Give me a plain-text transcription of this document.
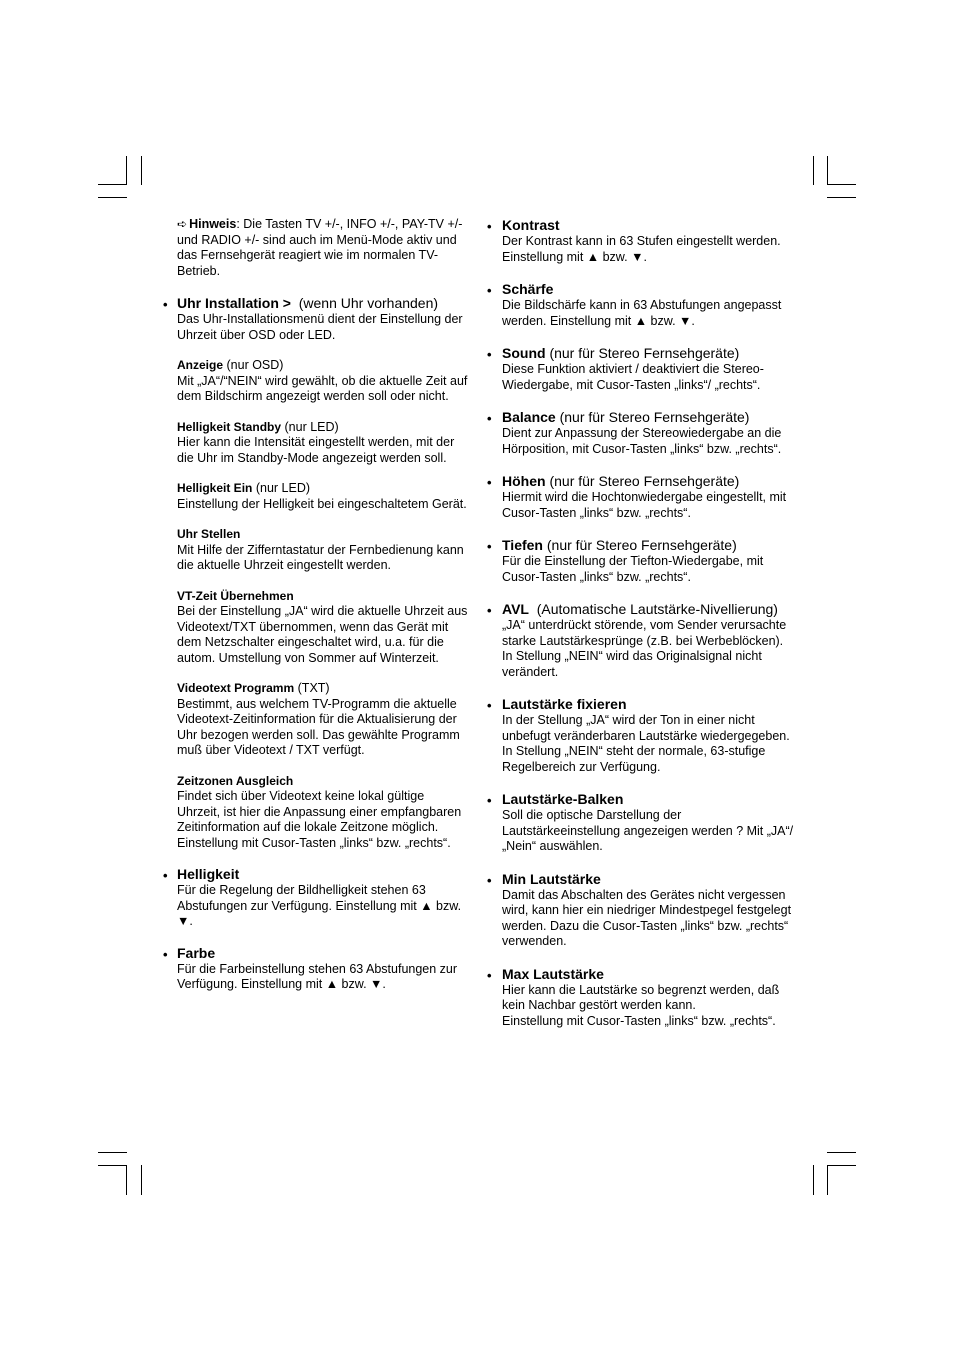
➪ Hinweis: Die Tasten TV +/-, INFO +/-, PAY-TV +/- und RADIO +/- sind auch im Menü-Mode aktiv und das Fernsehgerät reagiert wie im normalen TV-Betrieb.
• Uhr Installation > (wenn Uhr vorhanden)
Das Uhr-Installationsmenü dient der Einstellung der Uhrzeit über OSD oder LED.
Anzeige (nur OSD)
Mit „JA“/“NEIN“ wird gewählt, ob die aktuelle Zeit auf dem Bildschirm angezeigt werden soll oder nicht.
Helligkeit Standby (nur LED)
Hier kann die Intensität eingestellt werden, mit der die Uhr im Standby-Mode angezeigt werden soll.
Helligkeit Ein (nur LED)
Einstellung der Helligkeit bei eingeschaltetem Gerät.
Uhr Stellen
Mit Hilfe der Zifferntastatur der Fernbedienung kann die aktuelle Uhrzeit eingestellt werden.
VT-Zeit Übernehmen
Bei der Einstellung „JA“ wird die aktuelle Uhrzeit aus Videotext/TXT übernommen, wenn das Gerät mit dem Netzschalter eingeschaltet wird, u.a. für die autom. Umstellung von Sommer auf Winterzeit.
Videotext Programm (TXT)
Bestimmt, aus welchem TV-Programm die aktuelle Videotext-Zeitinformation für die Aktualisierung der Uhr bezogen werden soll. Das gewählte Programm muß über Videotext / TXT verfügt.
Zeitzonen Ausgleich
Findet sich über Videotext keine lokal gültige Uhrzeit, ist hier die Anpassung einer empfangbaren Zeitinformation auf die lokale Zeitzone möglich. Einstellung mit Cusor-Tasten „links“ bzw. „rechts“.
• Helligkeit
Für die Regelung der Bildhelligkeit stehen 63 Abstufungen zur Verfügung. Einstellung mit ▲ bzw. ▼.
• Farbe
Für die Farbeinstellung stehen 63 Abstufungen zur Verfügung. Einstellung mit ▲ bzw. ▼.
• Kontrast

Der Kontrast kann in 63 Stufen eingestellt werden. Einstellung mit ▲ bzw. ▼.

• Schärfe

Die Bildschärfe kann in 63 Abstufungen angepasst werden. Einstellung mit ▲ bzw. ▼.

• Sound (nur für Stereo Fernsehgeräte)

Diese Funktion aktiviert / deaktiviert die Stereo-Wiedergabe, mit Cusor-Tasten „links“/ „rechts“.

• Balance (nur für Stereo Fernsehgeräte)

Dient zur Anpassung der Stereowiedergabe an die Hörposition, mit Cusor-Tasten „links“ bzw. „rechts“.

• Höhen (nur für Stereo Fernsehgeräte)

Hiermit wird die Hochtonwiedergabe eingestellt, mit Cusor-Tasten „links“ bzw. „rechts“.

• Tiefen (nur für Stereo Fernsehgeräte)

Für die Einstellung der Tiefton-Wiedergabe, mit Cusor-Tasten „links“ bzw. „rechts“.

• AVL (Automatische Lautstärke-Nivellierung)

„JA“ unterdrückt störende, vom Sender verursachte starke Lautstärkesprünge (z.B. bei Werbeblöcken).

In Stellung „NEIN“ wird das Originalsignal nicht verändert.

• Lautstärke fixieren

In der Stellung „JA“ wird der Ton in einer nicht unbefugt veränderbaren Lautstärke wiedergegeben.

In Stellung „NEIN“ steht der normale, 63-stufige Regelbereich zur Verfügung.

• Lautstärke-Balken

Soll die optische Darstellung der Lautstärkeeinstellung angezeigen werden ? Mit „JA“/ „Nein“ auswählen.

• Min Lautstärke

Damit das Abschalten des Gerätes nicht vergessen wird, kann hier ein niedriger Mindestpegel festgelegt werden. Dazu die Cusor-Tasten „links“ bzw. „rechts“ verwenden.

• Max Lautstärke

Hier kann die Lautstärke so begrenzt werden, daß kein Nachbar gestört werden kann.

Einstellung mit Cusor-Tasten „links“ bzw. „rechts“.
